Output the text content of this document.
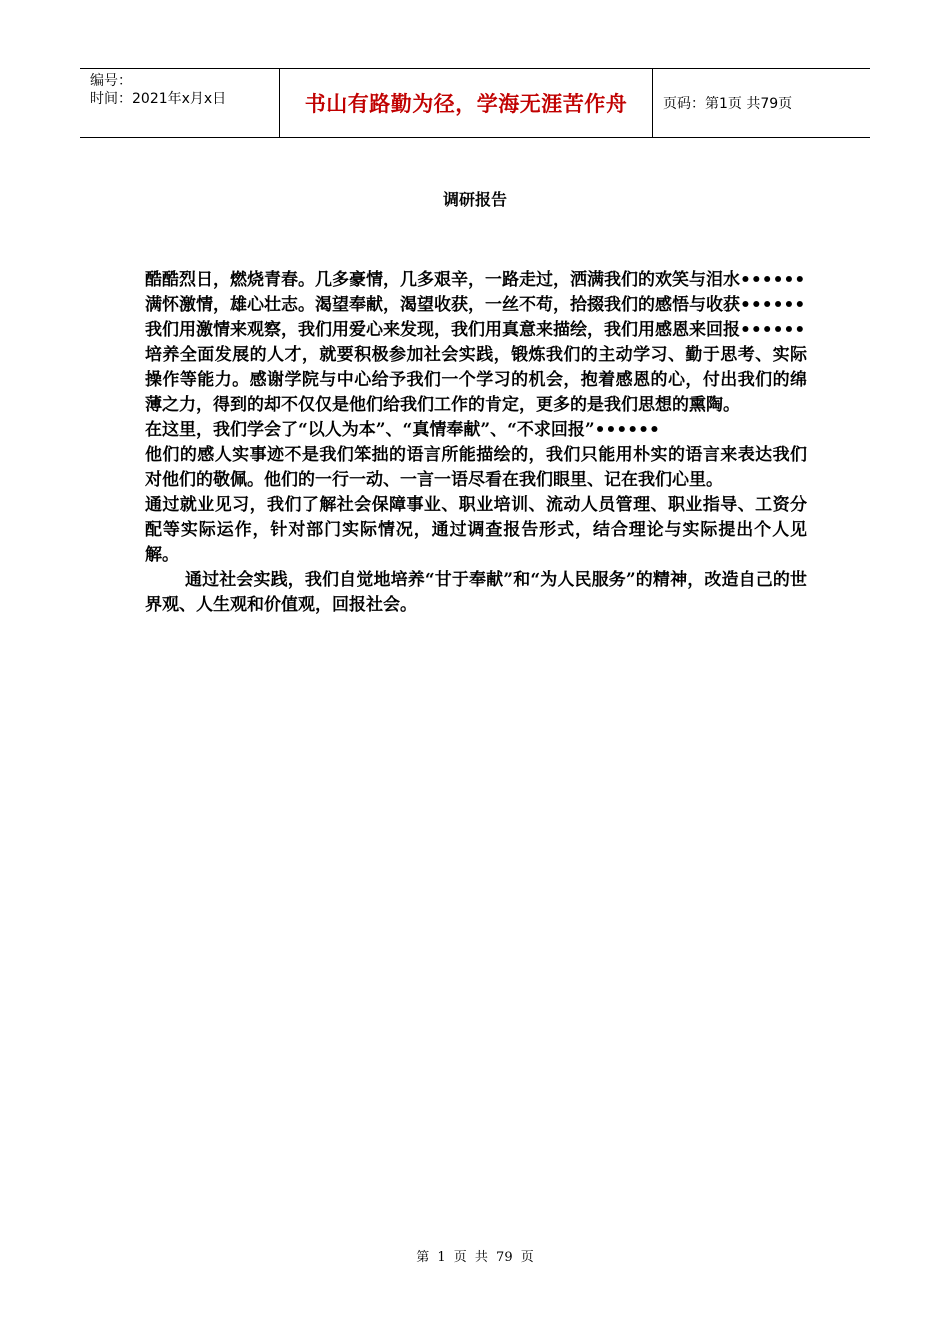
编号：
时间：2021年x月x日	书山有路勤为径，学海无涯苦作舟	页码：第1页 共79页
调研报告

酷酷烈日，燃烧青春。几多豪情，几多艰辛，一路走过，洒满我们的欢笑与泪水••••••

满怀激情，雄心壮志。渴望奉献，渴望收获，一丝不苟，拾掇我们的感悟与收获••••••

我们用激情来观察，我们用爱心来发现，我们用真意来描绘，我们用感恩来回报••••••

培养全面发展的人才，就要积极参加社会实践，锻炼我们的主动学习、勤于思考、实际操作等能力。感谢学院与中心给予我们一个学习的机会，抱着感恩的心，付出我们的绵薄之力，得到的却不仅仅是他们给我们工作的肯定，更多的是我们思想的熏陶。

在这里，我们学会了“以人为本”、“真情奉献”、“不求回报”••••••

他们的感人实事迹不是我们笨拙的语言所能描绘的，我们只能用朴实的语言来表达我们对他们的敬佩。他们的一行一动、一言一语尽看在我们眼里、记在我们心里。

通过就业见习，我们了解社会保障事业、职业培训、流动人员管理、职业指导、工资分配等实际运作，针对部门实际情况，通过调查报告形式，结合理论与实际提出个人见解。

通过社会实践，我们自觉地培养“甘于奉献”和“为人民服务”的精神，改造自己的世界观、人生观和价值观，回报社会。

第 1 页 共 79 页
